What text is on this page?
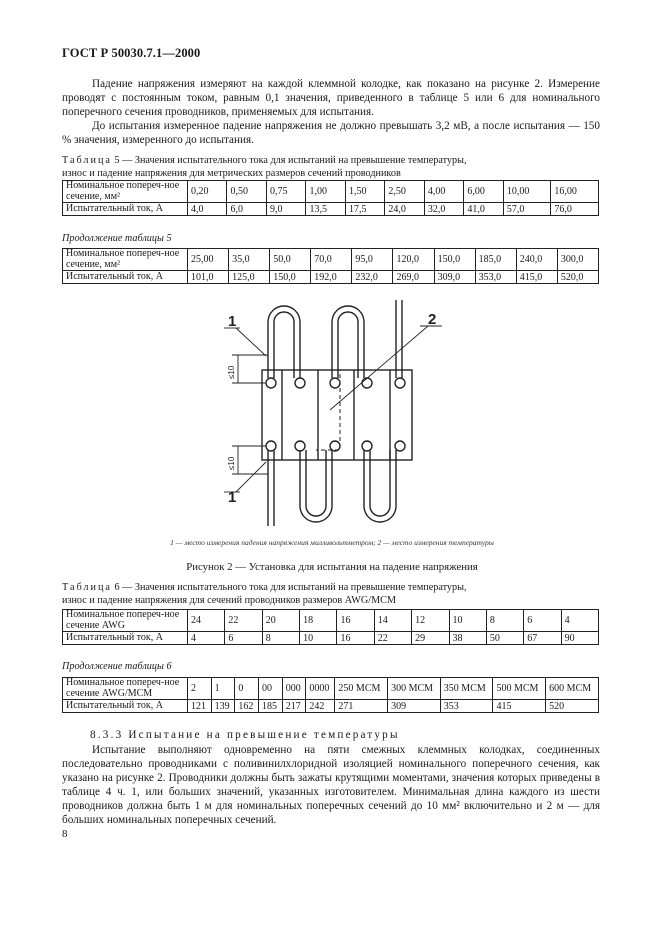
ГОСТ Р 50030.7.1—2000

Падение напряжения измеряют на каждой клеммной колодке, как показано на рисунке 2. Измерение проводят с постоянным током, равным 0,1 значения, приведенного в таблице 5 или 6 для номинального поперечного сечения проводников, применяемых для испытания.

До испытания измеренное падение напряжения не должно превышать 3,2 мВ, а после испытания — 150 % значения, измеренного до испытания.

Таблица 5 — Значения испытательного тока для испытаний на превышение температуры,
износ и падение напряжения для метрических размеров сечений проводников
Номинальное попереч-ное сечение, мм²	0,20	0,50	0,75	1,00	1,50	2,50	4,00	6,00	10,00	16,00
Испытательный ток, А	4,0	6,0	9,0	13,5	17,5	24,0	32,0	41,0	57,0	76,0
Продолжение таблицы 5
Номинальное попереч-ное сечение, мм²	25,00	35,0	50,0	70,0	95,0	120,0	150,0	185,0	240,0	300,0
Испытательный ток, А	101,0	125,0	150,0	192,0	232,0	269,0	309,0	353,0	415,0	520,0
1
1
2
≤10
≤10
1 — место измерения падения напряжения милливольтметром; 2 — место измерения температуры
Рисунок 2 — Установка для испытания на падение напряжения
Таблица 6 — Значения испытательного тока для испытаний на превышение температуры,
износ и падение напряжения для сечений проводников размеров AWG/MCM
Номинальное попереч-ное сечение AWG	24	22	20	18	16	14	12	10	8	6	4
Испытательный ток, А	4	6	8	10	16	22	29	38	50	67	90
Продолжение таблицы 6
Номинальное попереч-ное сечение AWG/MCM	2	1	0	00	000	0000	250 MCM	300 MCM	350 MCM	500 MCM	600 MCM
Испытательный ток, А	121	139	162	185	217	242	271	309	353	415	520
8.3.3 Испытание на превышение температуры

Испытание выполняют одновременно на пяти смежных клеммных колодках, соединенных последовательно проводниками с поливинилхлоридной изоляцией номинального поперечного сечения, как указано на рисунке 2. Проводники должны быть зажаты крутящими моментами, значения которых приведены в таблице 4 ч. 1, или больших значений, указанных изготовителем. Минимальная длина каждого из шести проводников должна быть 1 м для номинальных поперечных сечений до 10 мм² включительно и 2 м — для больших номинальных поперечных сечений.

8
